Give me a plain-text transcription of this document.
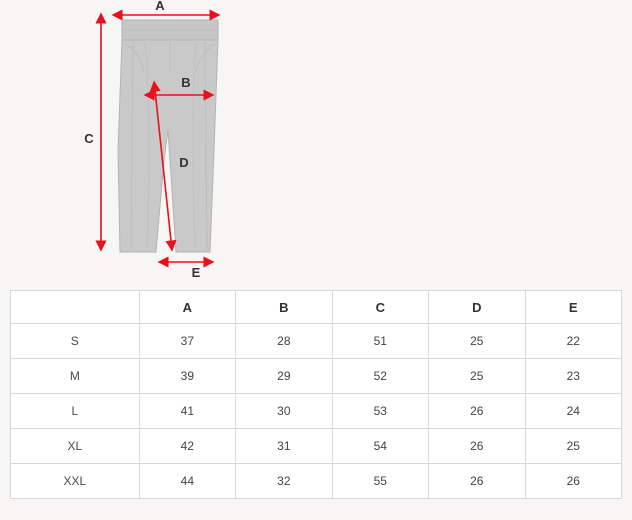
A
B
C
D
E
	A	B	C	D	E
S	37	28	51	25	22
M	39	29	52	25	23
L	41	30	53	26	24
XL	42	31	54	26	25
XXL	44	32	55	26	26
